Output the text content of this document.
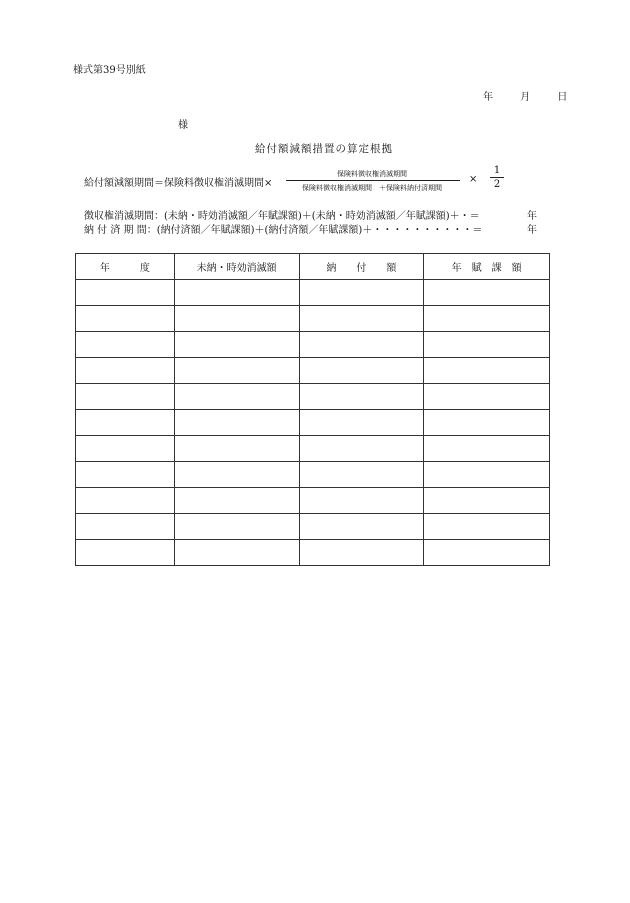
様式第39号別紙
年	月	日
様
給付額減額措置の算定根拠
給付額減額期間＝保険料徴収権消滅期間×
保険料徴収権消滅期間
保険料徴収権消滅期間　＋保険料納付済期間
×
1
2
徴収権消滅期間：(未納・時効消滅額／年賦課額)＋(未納・時効消滅額／年賦課額)＋・＝	年
納 付 済 期 間：(納付済額／年賦課額)＋(納付済額／年賦課額)＋・・・・・・・・・・＝	年
年　　　度	未納・時効消滅額	納　　付　　額	年　賦　課　額
